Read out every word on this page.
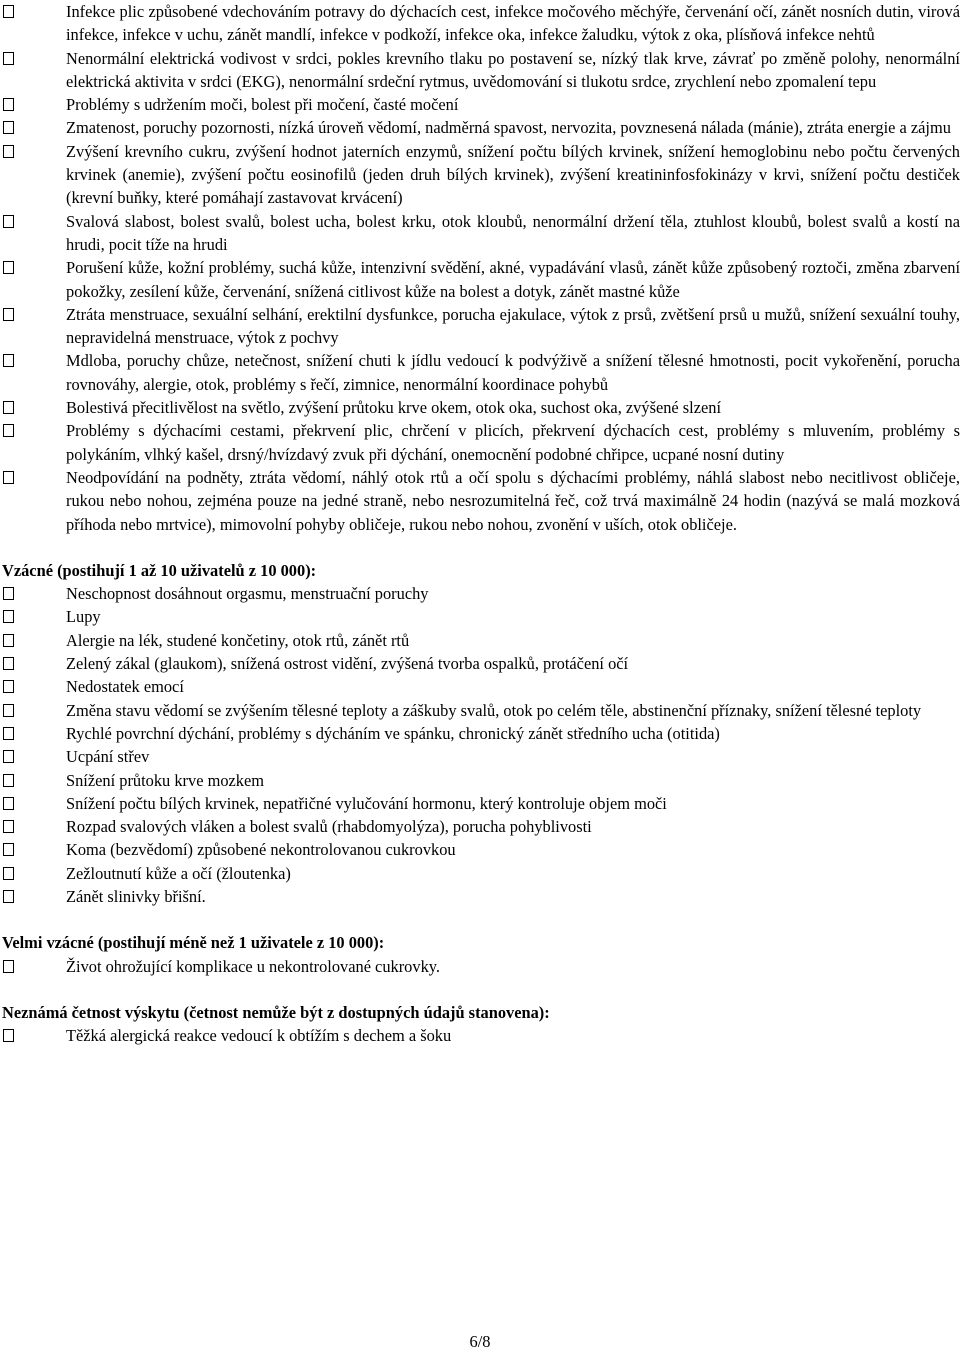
Infekce plic způsobené vdechováním potravy do dýchacích cest, infekce močového měchýře, červenání očí, zánět nosních dutin, virová infekce, infekce v uchu, zánět mandlí, infekce v podkoží, infekce oka, infekce žaludku, výtok z oka, plísňová infekce nehtů
Nenormální elektrická vodivost v srdci, pokles krevního tlaku po postavení se, nízký tlak krve, závrať po změně polohy, nenormální elektrická aktivita v srdci (EKG), nenormální srdeční rytmus, uvědomování si tlukotu srdce, zrychlení nebo zpomalení tepu
Problémy s udržením moči, bolest při močení, časté močení
Zmatenost, poruchy pozornosti, nízká úroveň vědomí, nadměrná spavost, nervozita, povznesená nálada (mánie), ztráta energie a zájmu
Zvýšení krevního cukru, zvýšení hodnot jaterních enzymů, snížení počtu bílých krvinek, snížení hemoglobinu nebo počtu červených krvinek (anemie), zvýšení počtu eosinofilů (jeden druh bílých krvinek), zvýšení kreatininfosfokinázy v krvi, snížení počtu destiček (krevní buňky, které pomáhají zastavovat krvácení)
Svalová slabost, bolest svalů, bolest ucha, bolest krku, otok kloubů, nenormální držení těla, ztuhlost kloubů, bolest svalů a kostí na hrudi, pocit tíže na hrudi
Porušení kůže, kožní problémy, suchá kůže, intenzivní svědění, akné, vypadávání vlasů, zánět kůže způsobený roztoči, změna zbarvení pokožky, zesílení kůže, červenání, snížená citlivost kůže na bolest a dotyk, zánět mastné kůže
Ztráta menstruace, sexuální selhání, erektilní dysfunkce, porucha ejakulace, výtok z prsů, zvětšení prsů u mužů, snížení sexuální touhy, nepravidelná menstruace, výtok z pochvy
Mdloba, poruchy chůze, netečnost, snížení chuti k jídlu vedoucí k podvýživě a snížení tělesné hmotnosti, pocit vykořenění, porucha rovnováhy, alergie, otok, problémy s řečí, zimnice, nenormální koordinace pohybů
Bolestivá přecitlivělost na světlo, zvýšení průtoku krve okem, otok oka, suchost oka, zvýšené slzení
Problémy s dýchacími cestami, překrvení plic, chrčení v plicích, překrvení dýchacích cest, problémy s mluvením, problémy s polykáním, vlhký kašel, drsný/hvízdavý zvuk při dýchání, onemocnění podobné chřipce, ucpané nosní dutiny
Neodpovídání na podněty, ztráta vědomí, náhlý otok rtů a očí spolu s dýchacími problémy, náhlá slabost nebo necitlivost obličeje, rukou nebo nohou, zejména pouze na jedné straně, nebo nesrozumitelná řeč, což trvá maximálně 24 hodin (nazývá se malá mozková příhoda nebo mrtvice), mimovolní pohyby obličeje, rukou nebo nohou, zvonění v uších, otok obličeje.

Vzácné (postihují 1 až 10 uživatelů z 10 000):

Neschopnost dosáhnout orgasmu, menstruační poruchy
Lupy
Alergie na lék, studené končetiny, otok rtů, zánět rtů
Zelený zákal (glaukom), snížená ostrost vidění, zvýšená tvorba ospalků, protáčení očí
Nedostatek emocí
Změna stavu vědomí se zvýšením tělesné teploty a záškuby svalů, otok po celém těle, abstinenční příznaky, snížení tělesné teploty
Rychlé povrchní dýchání, problémy s dýcháním ve spánku, chronický zánět středního ucha (otitida)
Ucpání střev
Snížení průtoku krve mozkem
Snížení počtu bílých krvinek, nepatřičné vylučování hormonu, který kontroluje objem moči
Rozpad svalových vláken a bolest svalů (rhabdomyolýza), porucha pohyblivosti
Koma (bezvědomí) způsobené nekontrolovanou cukrovkou
Zežloutnutí kůže a očí (žloutenka)
Zánět slinivky břišní.

Velmi vzácné (postihují méně než 1 uživatele z 10 000):

Život ohrožující komplikace u nekontrolované cukrovky.

Neznámá četnost výskytu (četnost nemůže být z dostupných údajů stanovena):

Těžká alergická reakce vedoucí k obtížím s dechem a šoku
6/8
